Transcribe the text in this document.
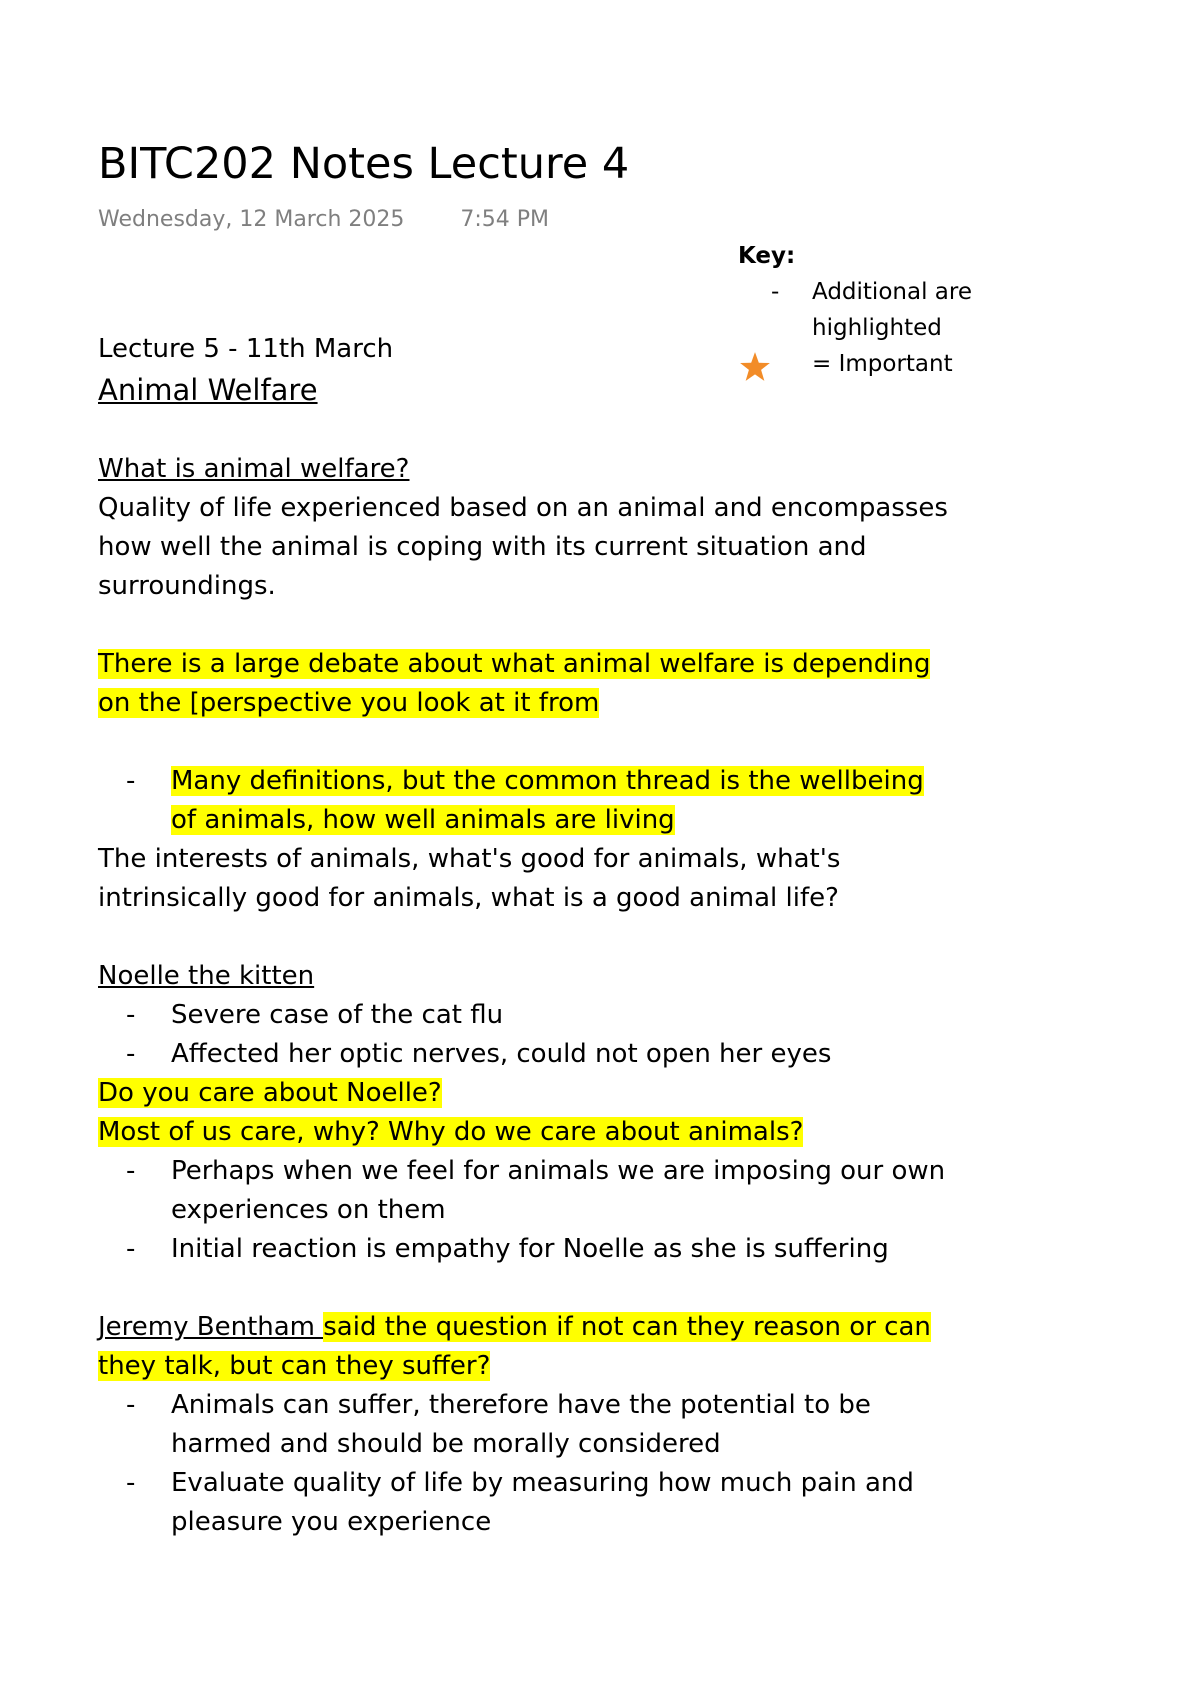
BITC202 Notes Lecture 4
Wednesday, 12 March 2025	7:54 PM
Key:
- Additional are highlighted
= Important
Lecture 5 - 11th March
Animal Welfare
What is animal welfare?
Quality of life experienced based on an animal and encompasses how well the animal is coping with its current situation and surroundings.
There is a large debate about what animal welfare is depending on the [perspective you look at it from
- Many definitions, but the common thread is the wellbeing of animals, how well animals are living
The interests of animals, what's good for animals, what's intrinsically good for animals, what is a good animal life?
Noelle the kitten
- Severe case of the cat flu
- Affected her optic nerves, could not open her eyes
Do you care about Noelle?
Most of us care, why? Why do we care about animals?
- Perhaps when we feel for animals we are imposing our own experiences on them
- Initial reaction is empathy for Noelle as she is suffering
Jeremy Bentham said the question if not can they reason or can they talk, but can they suffer?
- Animals can suffer, therefore have the potential to be harmed and should be morally considered
- Evaluate quality of life by measuring how much pain and pleasure you experience
